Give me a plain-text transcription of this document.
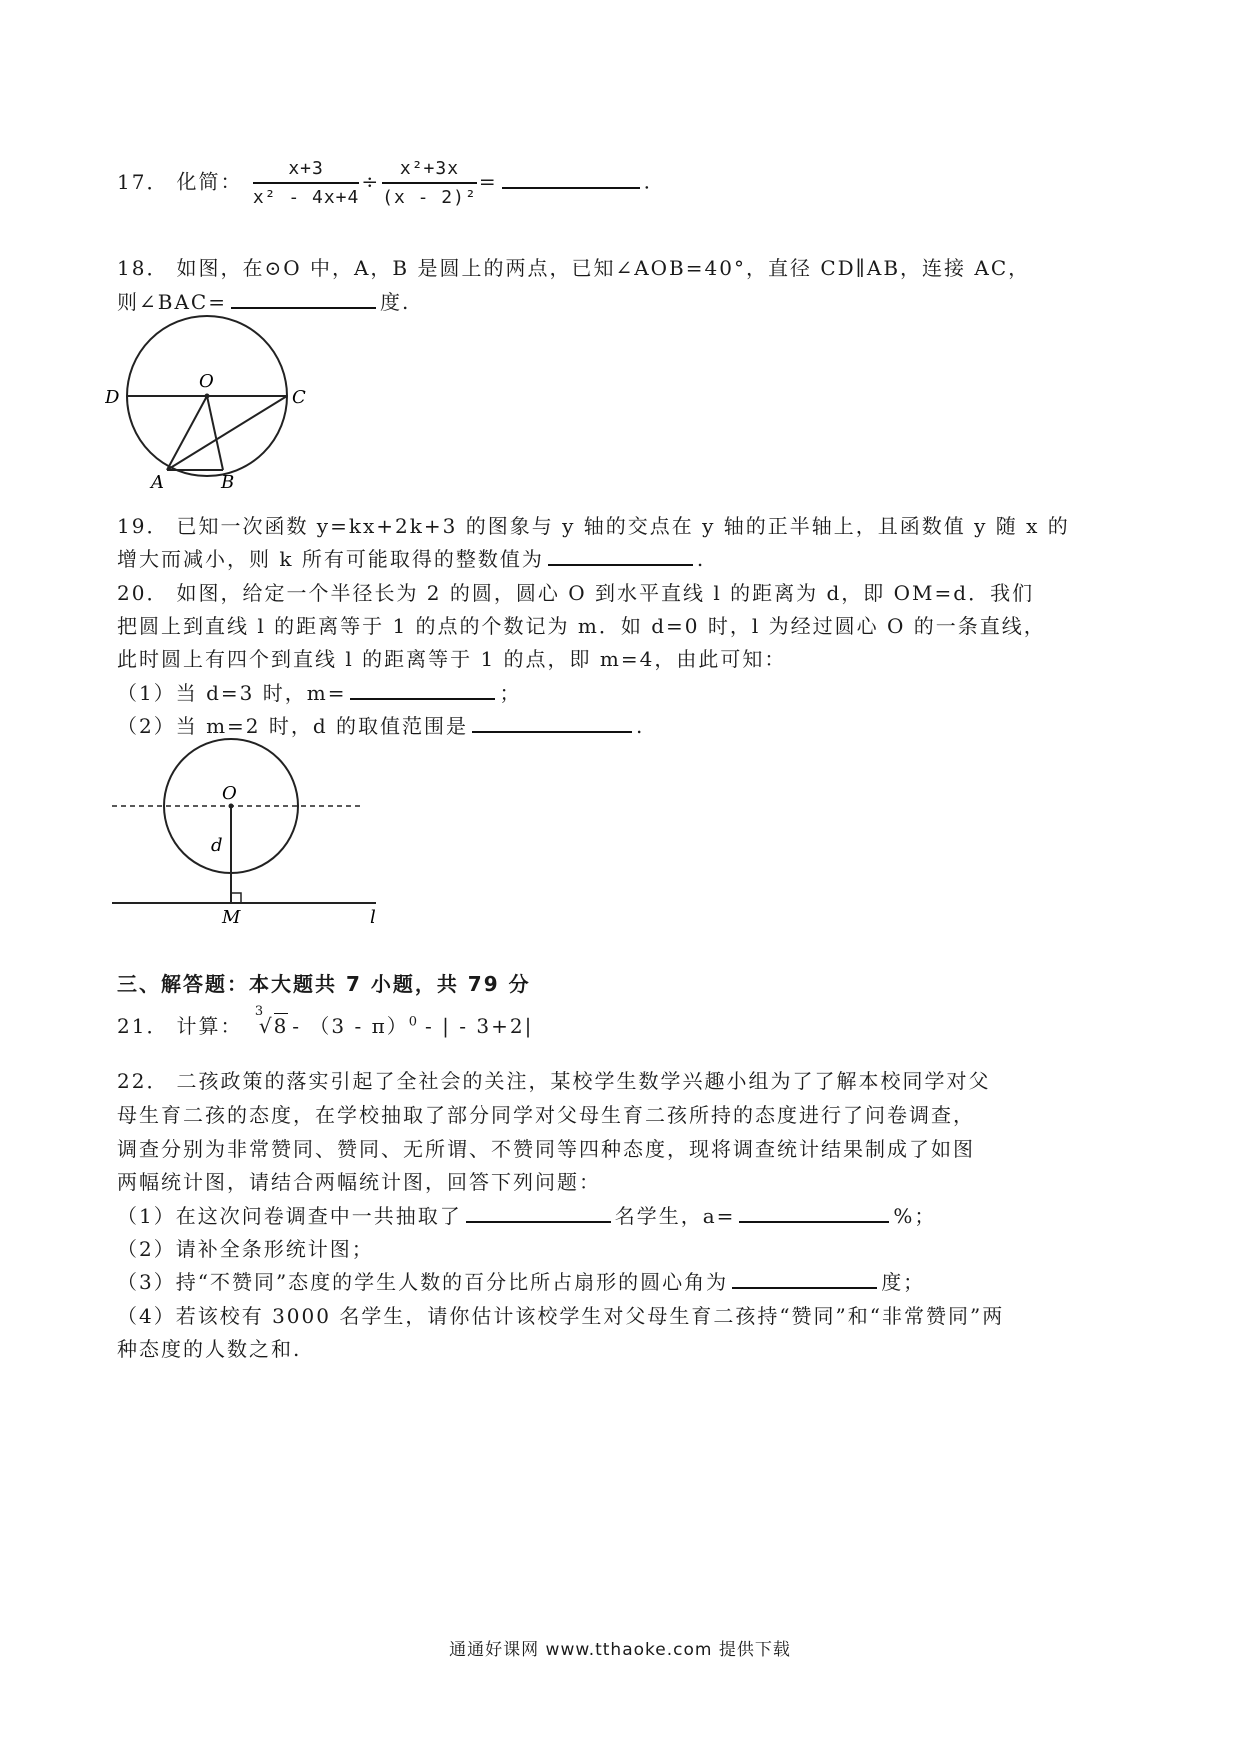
17． 化简： $\frac{x+3}{\text{x² - 4x+4}} \div \frac{\text{x²+3x}}{\text{(x - 2)²}}$ =	.
18． 如图，在⊙O 中，A，B 是圆上的两点，已知∠AOB=40°，直径 CD∥AB，连接 AC，
则∠BAC=	度.
D
O
C
A	B
19． 已知一次函数 y=kx+2k+3 的图象与 y 轴的交点在 y 轴的正半轴上，且函数值 y 随 x 的
增大而减小，则 k 所有可能取得的整数值为	.
20． 如图，给定一个半径长为 2 的圆，圆心 O 到水平直线 l 的距离为 d，即 OM=d．我们
把圆上到直线 l 的距离等于 1 的点的个数记为 m．如 d=0 时，l 为经过圆心 O 的一条直线，
此时圆上有四个到直线 l 的距离等于 1 的点，即 m=4，由此可知：
（1）当 d=3 时，m=	；
（2）当 m=2 时，d 的取值范围是	.
O
d
M	l
三、解答题：本大题共 7 小题，共 79 分
21． 计算：
3
√8 - （3 - π）$^0$ - | - 3+2|
22． 二孩政策的落实引起了全社会的关注，某校学生数学兴趣小组为了了解本校同学对父
母生育二孩的态度，在学校抽取了部分同学对父母生育二孩所持的态度进行了问卷调查，
调查分别为非常赞同、赞同、无所谓、不赞同等四种态度，现将调查统计结果制成了如图
两幅统计图，请结合两幅统计图，回答下列问题：
（1）在这次问卷调查中一共抽取了	名学生，a=	%；
（2）请补全条形统计图；
（3）持“不赞同”态度的学生人数的百分比所占扇形的圆心角为	度；
（4）若该校有 3000 名学生，请你估计该校学生对父母生育二孩持“赞同”和“非常赞同”两
种态度的人数之和.
通通好课网 www.tthaoke.com 提供下载
